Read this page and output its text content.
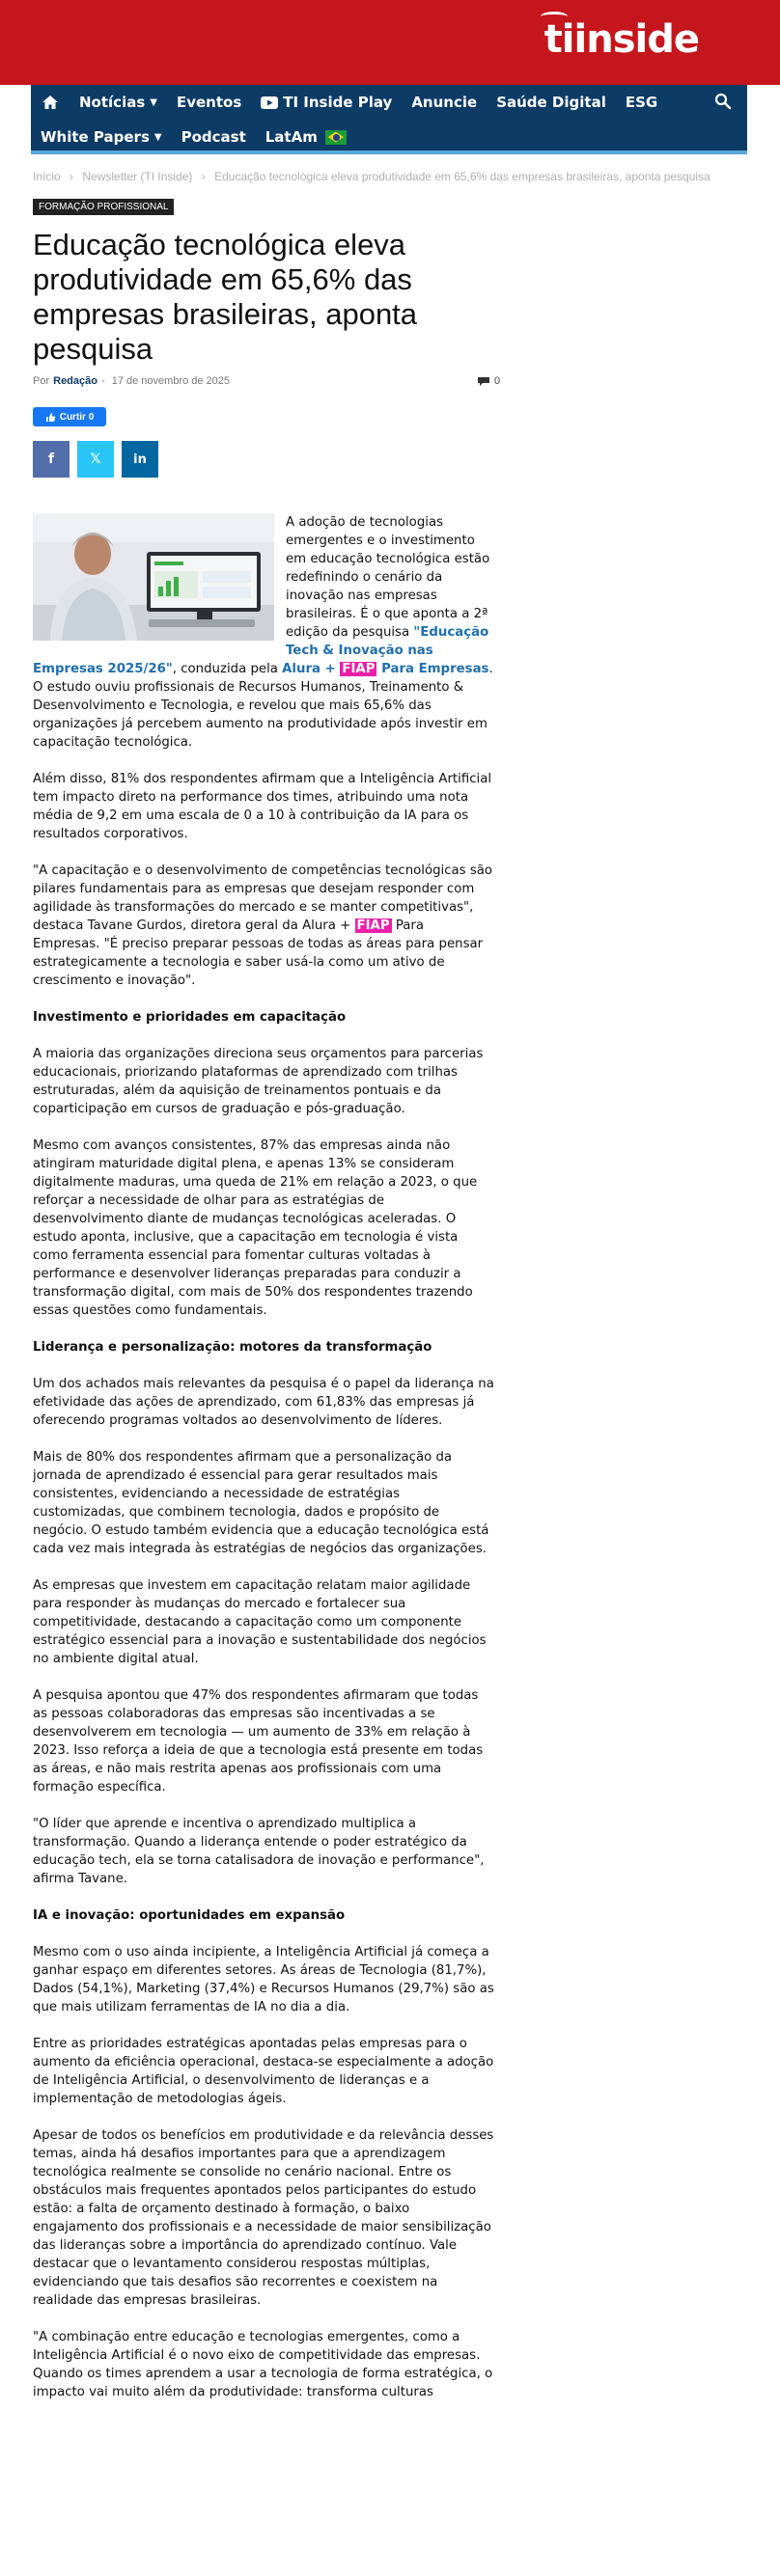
tiinside
Notícias ▼ Eventos	TI Inside Play Anuncie Saúde Digital ESG
White Papers ▼ Podcast LatAm
Início › Newsletter (TI Inside) › Educação tecnológica eleva produtividade em 65,6% das empresas brasileiras, aponta pesquisa
FORMAÇÃO PROFISSIONAL
Educação tecnológica eleva produtividade em 65,6% das empresas brasileiras, aponta pesquisa
Por Redação - 17 de novembro de 2025	0
Curtir 0
f	𝕏	in

A adoção de tecnologias emergentes e o investimento em educação tecnológica estão redefinindo o cenário da inovação nas empresas brasileiras. É o que aponta a 2ª edição da pesquisa "Educação Tech & Inovação nas Empresas 2025/26", conduzida pela Alura + FIAP Para Empresas. O estudo ouviu profissionais de Recursos Humanos, Treinamento & Desenvolvimento e Tecnologia, e revelou que mais 65,6% das organizações já percebem aumento na produtividade após investir em capacitação tecnológica.

Além disso, 81% dos respondentes afirmam que a Inteligência Artificial tem impacto direto na performance dos times, atribuindo uma nota média de 9,2 em uma escala de 0 a 10 à contribuição da IA para os resultados corporativos.

"A capacitação e o desenvolvimento de competências tecnológicas são pilares fundamentais para as empresas que desejam responder com agilidade às transformações do mercado e se manter competitivas", destaca Tavane Gurdos, diretora geral da Alura + FIAP Para Empresas. "É preciso preparar pessoas de todas as áreas para pensar estrategicamente a tecnologia e saber usá-la como um ativo de crescimento e inovação".

Investimento e prioridades em capacitação

A maioria das organizações direciona seus orçamentos para parcerias educacionais, priorizando plataformas de aprendizado com trilhas estruturadas, além da aquisição de treinamentos pontuais e da coparticipação em cursos de graduação e pós-graduação.

Mesmo com avanços consistentes, 87% das empresas ainda não atingiram maturidade digital plena, e apenas 13% se consideram digitalmente maduras, uma queda de 21% em relação a 2023, o que reforçar a necessidade de olhar para as estratégias de desenvolvimento diante de mudanças tecnológicas aceleradas. O estudo aponta, inclusive, que a capacitação em tecnologia é vista como ferramenta essencial para fomentar culturas voltadas à performance e desenvolver lideranças preparadas para conduzir a transformação digital, com mais de 50% dos respondentes trazendo essas questões como fundamentais.

Liderança e personalização: motores da transformação

Um dos achados mais relevantes da pesquisa é o papel da liderança na efetividade das ações de aprendizado, com 61,83% das empresas já oferecendo programas voltados ao desenvolvimento de líderes.

Mais de 80% dos respondentes afirmam que a personalização da jornada de aprendizado é essencial para gerar resultados mais consistentes, evidenciando a necessidade de estratégias customizadas, que combinem tecnologia, dados e propósito de negócio. O estudo também evidencia que a educação tecnológica está cada vez mais integrada às estratégias de negócios das organizações.

As empresas que investem em capacitação relatam maior agilidade para responder às mudanças do mercado e fortalecer sua competitividade, destacando a capacitação como um componente estratégico essencial para a inovação e sustentabilidade dos negócios no ambiente digital atual.

A pesquisa apontou que 47% dos respondentes afirmaram que todas as pessoas colaboradoras das empresas são incentivadas a se desenvolverem em tecnologia — um aumento de 33% em relação à 2023. Isso reforça a ideia de que a tecnologia está presente em todas as áreas, e não mais restrita apenas aos profissionais com uma formação específica.

"O líder que aprende e incentiva o aprendizado multiplica a transformação. Quando a liderança entende o poder estratégico da educação tech, ela se torna catalisadora de inovação e performance", afirma Tavane.

IA e inovação: oportunidades em expansão

Mesmo com o uso ainda incipiente, a Inteligência Artificial já começa a ganhar espaço em diferentes setores. As áreas de Tecnologia (81,7%), Dados (54,1%), Marketing (37,4%) e Recursos Humanos (29,7%) são as que mais utilizam ferramentas de IA no dia a dia.

Entre as prioridades estratégicas apontadas pelas empresas para o aumento da eficiência operacional, destaca-se especialmente a adoção de Inteligência Artificial, o desenvolvimento de lideranças e a implementação de metodologias ágeis.

Apesar de todos os benefícios em produtividade e da relevância desses temas, ainda há desafios importantes para que a aprendizagem tecnológica realmente se consolide no cenário nacional. Entre os obstáculos mais frequentes apontados pelos participantes do estudo estão: a falta de orçamento destinado à formação, o baixo engajamento dos profissionais e a necessidade de maior sensibilização das lideranças sobre a importância do aprendizado contínuo. Vale destacar que o levantamento considerou respostas múltiplas, evidenciando que tais desafios são recorrentes e coexistem na realidade das empresas brasileiras.

"A combinação entre educação e tecnologias emergentes, como a Inteligência Artificial é o novo eixo de competitividade das empresas. Quando os times aprendem a usar a tecnologia de forma estratégica, o impacto vai muito além da produtividade: transforma culturas
